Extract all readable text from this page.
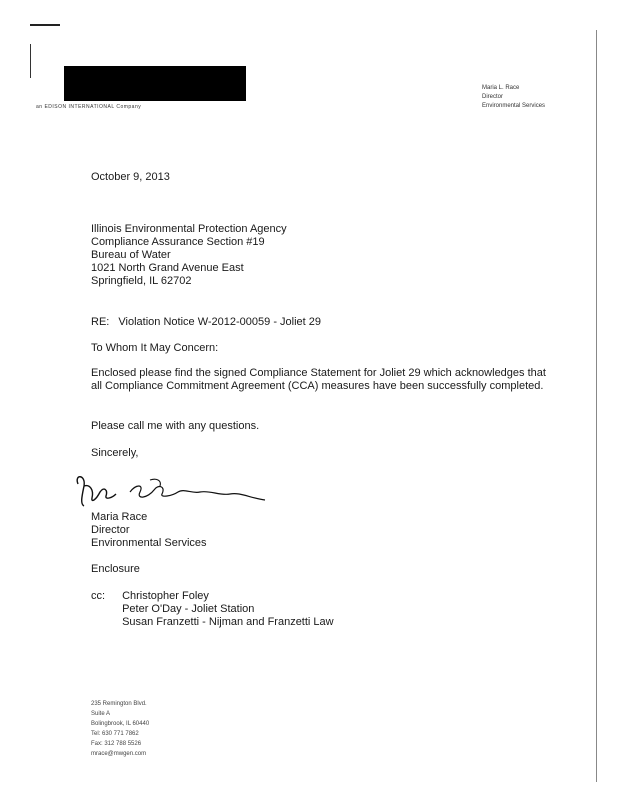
an EDISON INTERNATIONAL Company
Maria L. Race
Director
Environmental Services
October 9, 2013
Illinois Environmental Protection Agency
Compliance Assurance Section #19
Bureau of Water
1021 North Grand Avenue East
Springfield, IL 62702
RE: Violation Notice W-2012-00059 - Joliet 29
To Whom It May Concern:
Enclosed please find the signed Compliance Statement for Joliet 29 which acknowledges that all Compliance Commitment Agreement (CCA) measures have been successfully completed.
Please call me with any questions.
Sincerely,
Maria Race
Director
Environmental Services
Enclosure
cc: Christopher Foley
Peter O'Day - Joliet Station
Susan Franzetti - Nijman and Franzetti Law
235 Remington Blvd.
Suite A
Bolingbrook, IL 60440
Tel: 630 771 7862
Fax: 312 788 5526
mrace@mwgen.com
